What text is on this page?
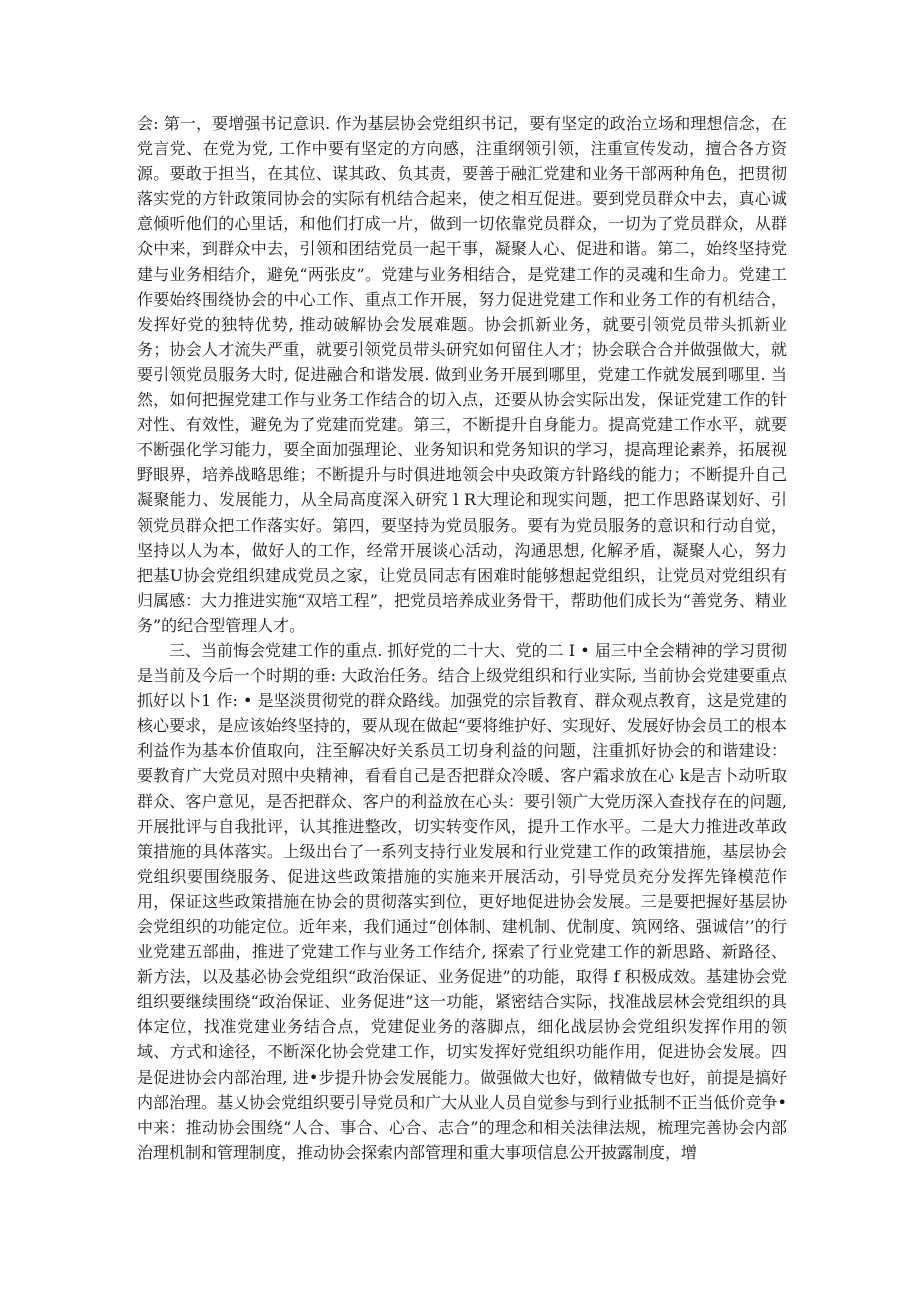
会: 第一，要增强书记意识. 作为基层协会党组织书记，要有坚定的政治立场和理想信念，在党言党、在党为党, 工作中要有坚定的方向感，注重纲领引领，注重宣传发动，擅合各方资源。要敢于担当，在其位、谋其政、负其责，要善于融汇党建和业务干部两种角色，把贯彻落实党的方针政策同协会的实际有机结合起来，使之相互促进。要到党员群众中去，真心诚意倾听他们的心里话，和他们打成一片，做到一切依靠党员群众，一切为了党员群众，从群众中来，到群众中去，引领和团结党员一起干事，凝聚人心、促进和谐。第二，始终坚持党建与业务相结介，避免“两张皮”。党建与业务相结合，是党建工作的灵魂和生命力。党建工作要始终围绕协会的中心工作、重点工作开展，努力促进党建工作和业务工作的有机结合，发挥好党的独特优势, 推动破解协会发展难题。协会抓新业务，就要引领党员带头抓新业务；协会人才流失严重，就要引领党员带头研究如何留住人才；协会联合合并做强做大，就要引领党员服务大时, 促进融合和谐发展. 做到业务开展到哪里，党建工作就发展到哪里. 当然，如何把握党建工作与业务工作结合的切入点，还要从协会实际出发，保证党建工作的针对性、有效性，避免为了党建而党建。第三，不断提升自身能力。提高党建工作水平，就要不断强化学习能力，要全面加强理论、业务知识和党务知识的学习，提高理论素养，拓展视野眼界，培养战略思维；不断提升与时俱进地领会中央政策方针路线的能力；不断提升自己凝聚能力、发展能力，从全局高度深入研究 l R大理论和现实问题，把工作思路谋划好、引领党员群众把工作落实好。第四，要坚持为党员服务。要有为党员服务的意识和行动自觉，坚持以人为本，做好人的工作，经常开展谈心活动，沟通思想, 化解矛盾，凝聚人心，努力把基U协会党组织建成党员之家，让党员同志有困难时能够想起党组织，让党员对党组织有归属感：大力推进实施“双培工程”，把党员培养成业务骨干，帮助他们成长为“善党务、精业务”的纪合型管理人才。

三、当前悔会党建工作的重点. 抓好党的二十大、党的二 I • 届三中全会精神的学习贯彻是当前及今后一个时期的垂: 大政治任务。结合上级党组织和行业实际, 当前协会党建要重点抓好以卜1 作: • 是坚淡贯彻党的群众路线。加强党的宗旨教育、群众观点教育，这是党建的核心要求，是应该始终坚持的，要从现在做起“要将维护好、实现好、发展好协会员工的根本利益作为基本价值取向，注至解决好关系员工切身利益的问题，注重抓好协会的和谐建设：要教育广大党员对照中央精神，看看自己是否把群众冷暖、客户霜求放在心 k是吉卜动听取群众、客户意见，是否把群众、客户的利益放在心头：要引领广大党历深入查找存在的问题, 开展批评与自我批评，认其推进整改，切实转变作风，提升工作水平。二是大力推进改革政策措施的具体落实。上级出台了一系列支持行业发展和行业党建工作的政策措施，基层协会党组织要围绕服务、促进这些政策措施的实施来开展活动，引导党员充分发挥先锋模范作用，保证这些政策措施在协会的贯彻落实到位，更好地促进协会发展。三是要把握好基层协会党组织的功能定位。近年来，我们通过“创体制、建机制、优制度、筑网络、强诚信’’的行业党建五部曲，推进了党建工作与业务工作结介, 探索了行业党建工作的新思路、新路径、新方法，以及基必协会党组织“政治保证、业务促进”的功能，取得 f 积极成效。基建协会党组织要继续围绕“政治保证、业务促进”这一功能，紧密结合实际，找准战层林会党组织的具体定位，找准党建业务结合点，党建促业务的落脚点，细化战层协会党组织发挥作用的领域、方式和途径，不断深化协会党建工作，切实发挥好党组织功能作用，促进协会发展。四是促进协会内部治理, 进•步提升协会发展能力。做强做大也好，做精做专也好，前提是搞好内部治理。基乂协会党组织要引导党员和广大从业人员自觉参与到行业抵制不正当低价竞争•中来：推动协会围绕“人合、事合、心合、志合”的理念和相关法律法规，梳理完善协会内部治理机制和管理制度，推动协会探索内部管理和重大事项信息公开披露制度，增
